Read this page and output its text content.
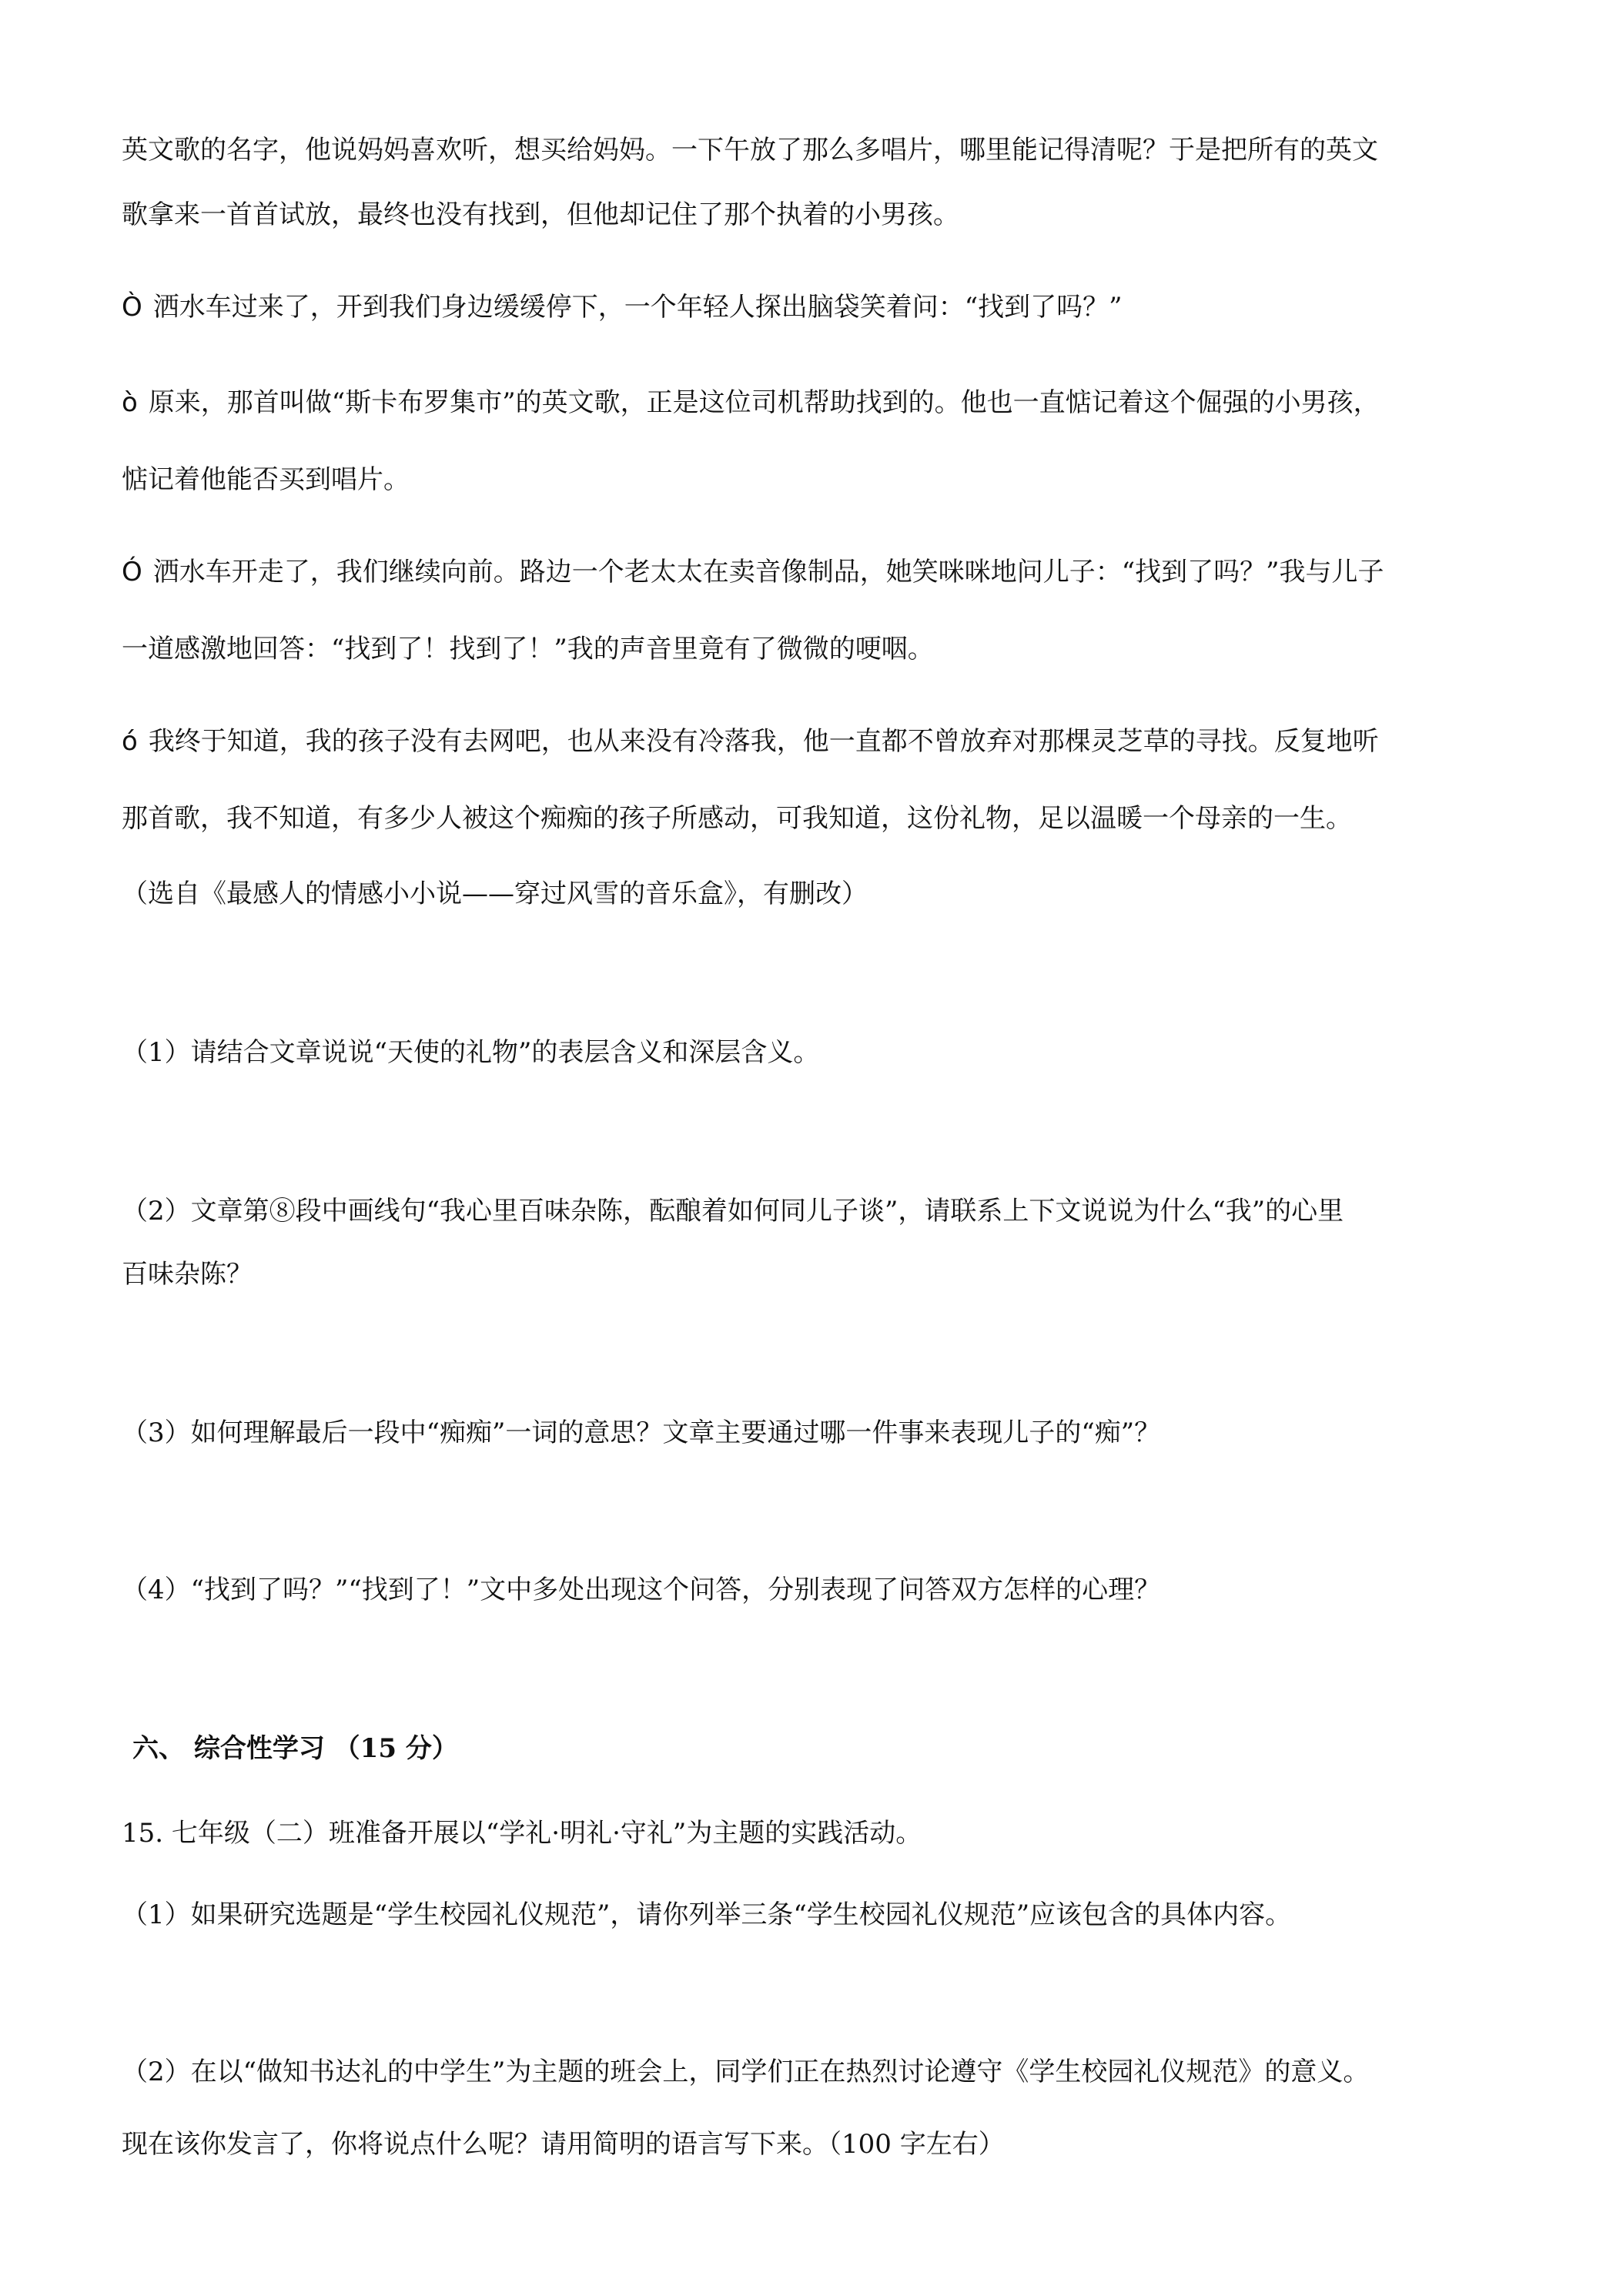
英文歌的名字，他说妈妈喜欢听，想买给妈妈。一下午放了那么多唱片，哪里能记得清呢？于是把所有的英文
歌拿来一首首试放，最终也没有找到，但他却记住了那个执着的小男孩。
Ò 洒水车过来了，开到我们身边缓缓停下，一个年轻人探出脑袋笑着问：“找到了吗？”
ò 原来，那首叫做“斯卡布罗集市”的英文歌，正是这位司机帮助找到的。他也一直惦记着这个倔强的小男孩，
惦记着他能否买到唱片。
Ó 洒水车开走了，我们继续向前。路边一个老太太在卖音像制品，她笑咪咪地问儿子：“找到了吗？”我与儿子
一道感激地回答：“找到了！找到了！”我的声音里竟有了微微的哽咽。
ó 我终于知道，我的孩子没有去网吧，也从来没有冷落我，他一直都不曾放弃对那棵灵芝草的寻找。反复地听
那首歌，我不知道，有多少人被这个痴痴的孩子所感动，可我知道，这份礼物，足以温暖一个母亲的一生。
（选自《最感人的情感小小说——穿过风雪的音乐盒》，有删改）
（1）请结合文章说说“天使的礼物”的表层含义和深层含义。
（2）文章第⑧段中画线句“我心里百味杂陈，酝酿着如何同儿子谈”，请联系上下文说说为什么“我”的心里
百味杂陈？
（3）如何理解最后一段中“痴痴”一词的意思？文章主要通过哪一件事来表现儿子的“痴”？
（4）“找到了吗？”“找到了！”文中多处出现这个问答，分别表现了问答双方怎样的心理？
六、 综合性学习 （15 分）
15. 七年级（二）班准备开展以“学礼·明礼·守礼”为主题的实践活动。
（1）如果研究选题是“学生校园礼仪规范”，请你列举三条“学生校园礼仪规范”应该包含的具体内容。
（2）在以“做知书达礼的中学生”为主题的班会上，同学们正在热烈讨论遵守《学生校园礼仪规范》的意义。
现在该你发言了，你将说点什么呢？请用简明的语言写下来。（100 字左右）
